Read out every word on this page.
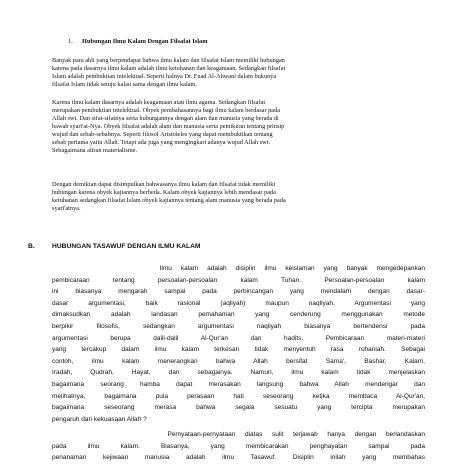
1. Hubungan Ilmu Kalam Dengan Filsafat Islam

Banyak para ahli yang berpendapat bahwa ilmu kalam dan filsafat Islam memiliki hubungan
karena pada dasarnya ilmu kalam adalah ilmu ketuhanan dan keagamaan. Sedangkan filsafat
Islam adalah pembuktian intelektual. Seperti halnya Dr. Fuad Al-Ahwani dalam bukunya
filsafat Islam tidak setuju kalau sama dengan ilmu kalam.

Karena ilmu kalam dasarnya adalah keagamaan atau ilmu agama. Sedangkan filsafat
merupakan pembuktian intelektual. Obyek pembahasannya bagi ilmu kalam berdasar pada
Allah swt. Dan sifat-sifatnya serta hubungannya dengan alam dan manusia yang berada di
bawah syari'at-Nya. Obyek filsafat adalah alam dan manusia serta pemikiran tentang prinsip
wujud dan sebab-sebabnya. Seperti filosof Aristoteles yang dapat membuktikan tentang
sebab pertama yaitu Allah. Tetapi ada juga yang mengingkari adanya wujud Allah swt.
Sebagaimana aliran materialisme.

Dengan demikian dapat disimpulkan bahwasanya ilmu kalam dan filsafat tidak memiliki
hubungan karena obyek kajiannya berbeda. Kalam obyek kajiannya lebih mendasar pada
ketuhanan sedangkan filsafat Islam obyek kajiannya tentang alam manusia yang berada pada
syari'atnya.

B.	HUBUNGAN TASAWUF DENGAN ILMU KALAM

Ilmu kalam adalah disiplin ilmu keislaman yang banyak mengedepankan
pembicaraan tentang persoalan-persoalan kalam Tuhan. Persoalan-persoalan kalam
ini biasanya mengarah sampai pada perbincangan yang mendalam dengan dasar-
dasar argumentasi, baik rasional (aqliyah) maupun naqliyah. Argumentasi yang
dimaksudkan adalah landasan pemahaman yang cenderung menggunakan metode
berpikir filosofis, sedangkan argumentasi naqliyah biasanya bertendensi pada
argumentasi berupa dalil-dalil Al-Qur'an dan hadits. Pembicaraan materi-materi
yang tercakup dalam ilmu kalam terkesan tidak menyentuh rasa rohaniah. Sebagai
contoh, ilmu kalam menerangkan bahwa Allah bersifat Sama', Bashar, Kalam,
Iradah, Qudrah, Hayat, dan sebagainya. Namun, ilmu kalam tidak menjelaskan
bagaimana seorang hamba dapat merasakan langsung bahwa Allah mendengar dan
melihatnya, bagaimana pula perasaan hati seseorang ketika membaca Al-Qur'an,
bagaimana seseorang merasa bahwa segala sesuatu yang tercipta merupakan
pengaruh dari kekuasaan Allah ?

Pernyataan-pernyataan diatas sulit terjawab hanya dengan berlandaskan
pada ilmu kalam. Biasanya, yang membicarakan penghayatan sampai pada
penanaman kejiwaan manusia adalah ilmu Tasawuf. Disiplin inilah yang membahas
